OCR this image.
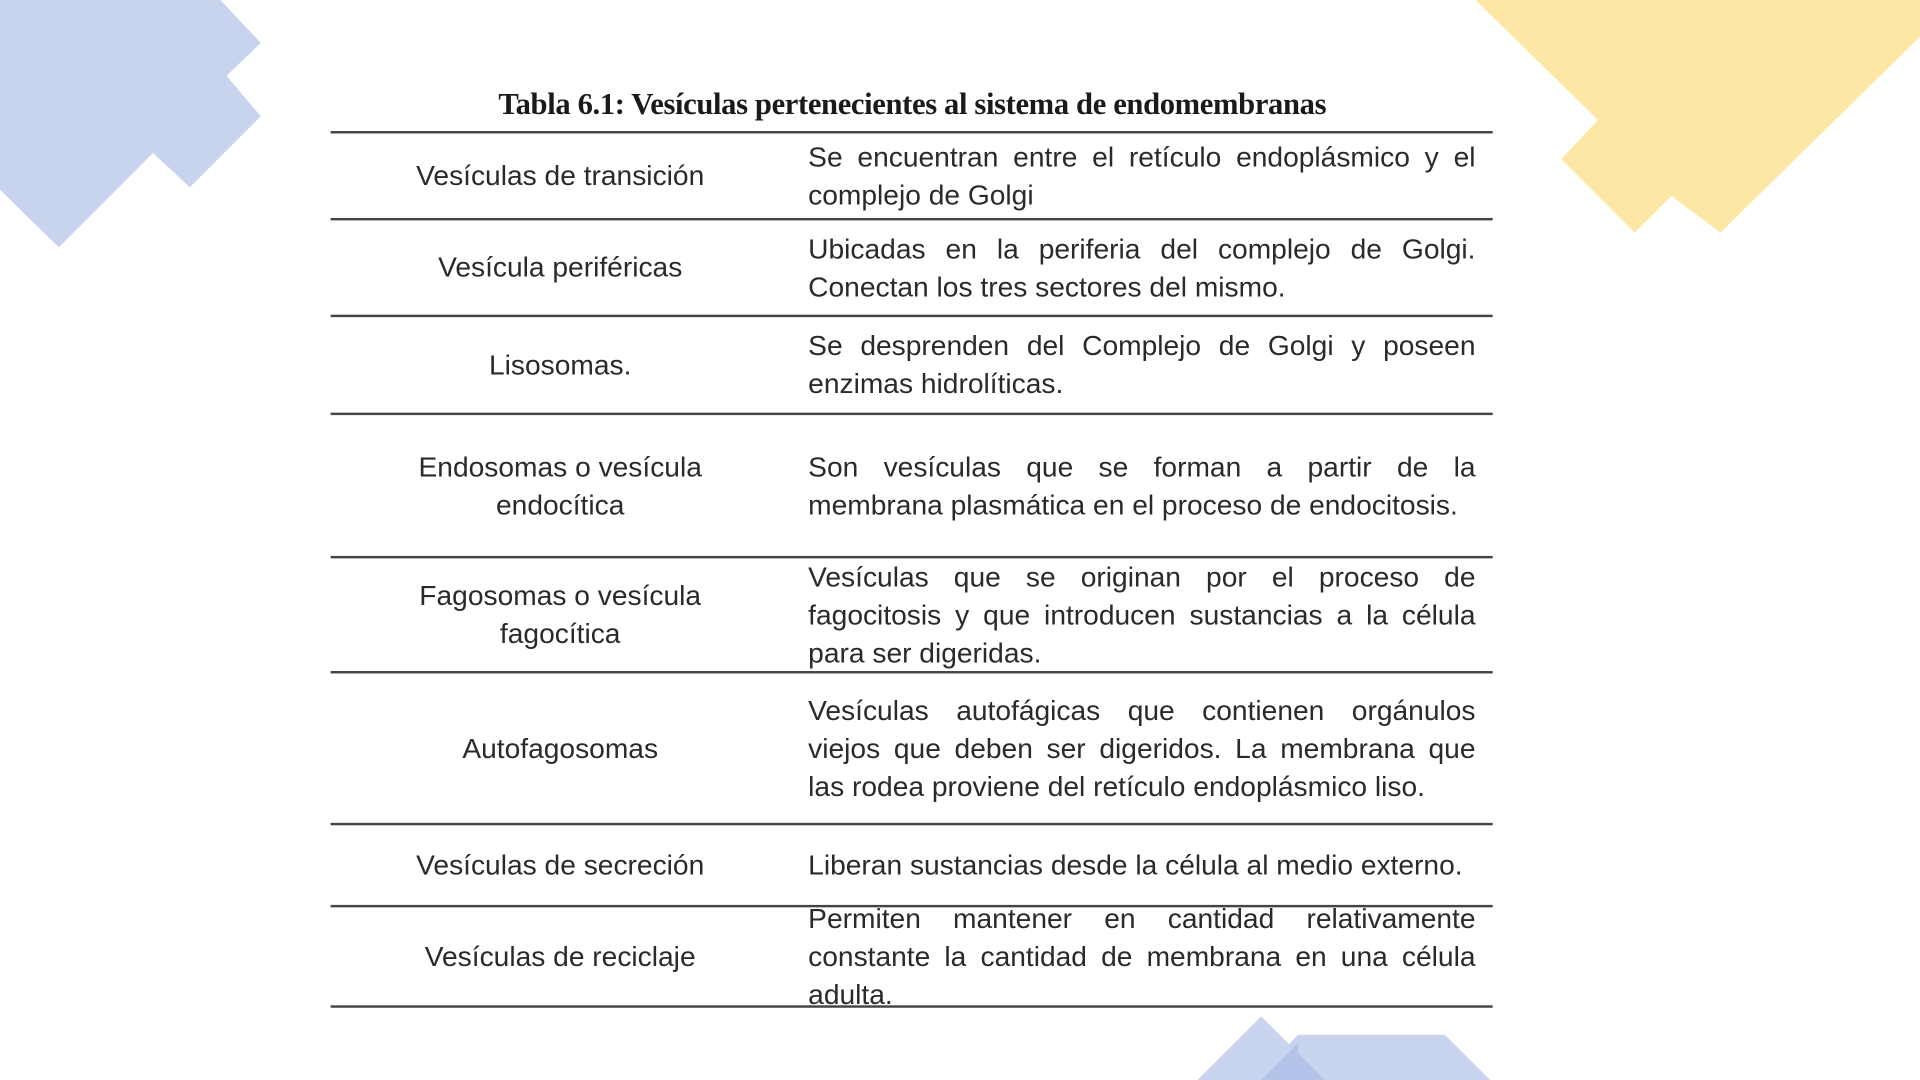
Tabla 6.1: Vesículas pertenecientes al sistema de endomembranas
Vesículas de transición
Se encuentran entre el retículo endoplásmico y el complejo de Golgi
Vesícula periféricas
Ubicadas en la periferia del complejo de Golgi. Conectan los tres sectores del mismo.
Lisosomas.
Se desprenden del Complejo de Golgi y poseen enzimas hidrolíticas.
Endosomas o vesícula endocítica
Son vesículas que se forman a partir de la membrana plasmática en el proceso de endocitosis.
Fagosomas o vesícula fagocítica
Vesículas que se originan por el proceso de fagocitosis y que introducen sustancias a la célula para ser digeridas.
Autofagosomas
Vesículas autofágicas que contienen orgánulos viejos que deben ser digeridos. La membrana que las rodea proviene del retículo endoplásmico liso.
Vesículas de secreción	Liberan sustancias desde la célula al medio externo.
Vesículas de reciclaje
Permiten mantener en cantidad relativamente constante la cantidad de membrana en una célula adulta.
